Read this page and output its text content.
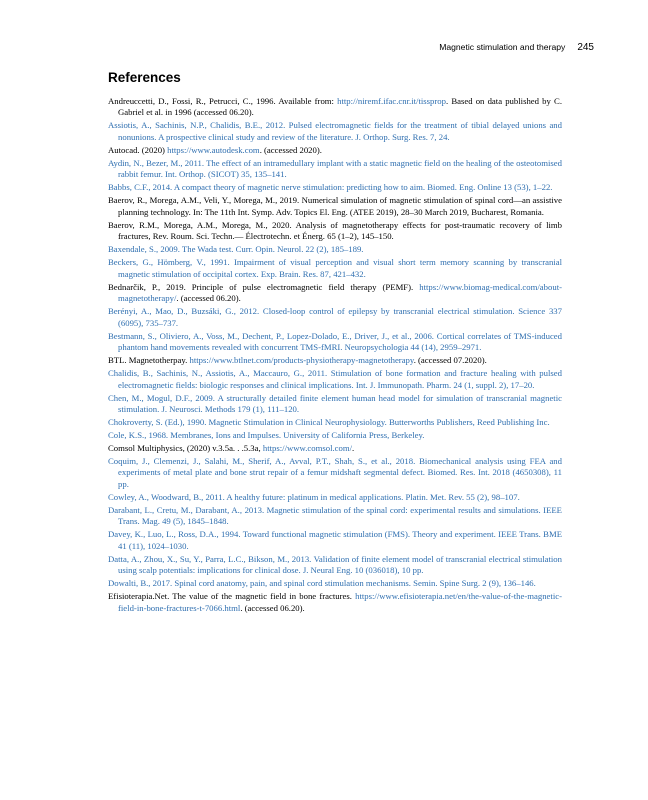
Magnetic stimulation and therapy 245
References

Andreuccetti, D., Fossi, R., Petrucci, C., 1996. Available from: http://niremf.ifac.cnr.it/tissprop. Based on data published by C. Gabriel et al. in 1996 (accessed 06.20).

Assiotis, A., Sachinis, N.P., Chalidis, B.E., 2012. Pulsed electromagnetic fields for the treatment of tibial delayed unions and nonunions. A prospective clinical study and review of the literature. J. Orthop. Surg. Res. 7, 24.

Autocad. (2020) https://www.autodesk.com. (accessed 2020).

Aydin, N., Bezer, M., 2011. The effect of an intramedullary implant with a static magnetic field on the healing of the osteotomised rabbit femur. Int. Orthop. (SICOT) 35, 135–141.

Babbs, C.F., 2014. A compact theory of magnetic nerve stimulation: predicting how to aim. Biomed. Eng. Online 13 (53), 1–22.

Baerov, R., Morega, A.M., Veli, Y., Morega, M., 2019. Numerical simulation of magnetic stimulation of spinal cord—an assistive planning technology. In: The 11th Int. Symp. Adv. Topics El. Eng. (ATEE 2019), 28–30 March 2019, Bucharest, Romania.

Baerov, R.M., Morega, A.M., Morega, M., 2020. Analysis of magnetotherapy effects for post-traumatic recovery of limb fractures, Rev. Roum. Sci. Techn.— Électrotechn. et Énerg. 65 (1–2), 145–150.

Baxendale, S., 2009. The Wada test. Curr. Opin. Neurol. 22 (2), 185–189.

Beckers, G., Hömberg, V., 1991. Impairment of visual perception and visual short term memory scanning by transcranial magnetic stimulation of occipital cortex. Exp. Brain. Res. 87, 421–432.

Bednarčik, P., 2019. Principle of pulse electromagnetic field therapy (PEMF). https://www.biomag-medical.com/about-magnetotherapy/. (accessed 06.20).

Berényi, A., Mao, D., Buzsáki, G., 2012. Closed-loop control of epilepsy by transcranial electrical stimulation. Science 337 (6095), 735–737.

Bestmann, S., Oliviero, A., Voss, M., Dechent, P., Lopez-Dolado, E., Driver, J., et al., 2006. Cortical correlates of TMS-induced phantom hand movements revealed with concurrent TMS-fMRI. Neuropsychologia 44 (14), 2959–2971.

BTL. Magnetotherpay. https://www.btlnet.com/products-physiotherapy-magnetotherapy. (accessed 07.2020).

Chalidis, B., Sachinis, N., Assiotis, A., Maccauro, G., 2011. Stimulation of bone formation and fracture healing with pulsed electromagnetic fields: biologic responses and clinical implications. Int. J. Immunopath. Pharm. 24 (1, suppl. 2), 17–20.

Chen, M., Mogul, D.F., 2009. A structurally detailed finite element human head model for simulation of transcranial magnetic stimulation. J. Neurosci. Methods 179 (1), 111–120.

Chokroverty, S. (Ed.), 1990. Magnetic Stimulation in Clinical Neurophysiology. Butterworths Publishers, Reed Publishing Inc.

Cole, K.S., 1968. Membranes, Ions and Impulses. University of California Press, Berkeley.

Comsol Multiphysics, (2020) v.3.5a. . .5.3a, https://www.comsol.com/.

Coquim, J., Clemenzi, J., Salahi, M., Sherif, A., Avval, P.T., Shah, S., et al., 2018. Biomechanical analysis using FEA and experiments of metal plate and bone strut repair of a femur midshaft segmental defect. Biomed. Res. Int. 2018 (4650308), 11 pp.

Cowley, A., Woodward, B., 2011. A healthy future: platinum in medical applications. Platin. Met. Rev. 55 (2), 98–107.

Darabant, L., Cretu, M., Darabant, A., 2013. Magnetic stimulation of the spinal cord: experimental results and simulations. IEEE Trans. Mag. 49 (5), 1845–1848.

Davey, K., Luo, L., Ross, D.A., 1994. Toward functional magnetic stimulation (FMS). Theory and experiment. IEEE Trans. BME 41 (11), 1024–1030.

Datta, A., Zhou, X., Su, Y., Parra, L.C., Bikson, M., 2013. Validation of finite element model of transcranial electrical stimulation using scalp potentials: implications for clinical dose. J. Neural Eng. 10 (036018), 10 pp.

Dowalti, B., 2017. Spinal cord anatomy, pain, and spinal cord stimulation mechanisms. Semin. Spine Surg. 2 (9), 136–146.

Efisioterapia.Net. The value of the magnetic field in bone fractures. https://www.efisioterapia.net/en/the-value-of-the-magnetic-field-in-bone-fractures-t-7066.html. (accessed 06.20).
